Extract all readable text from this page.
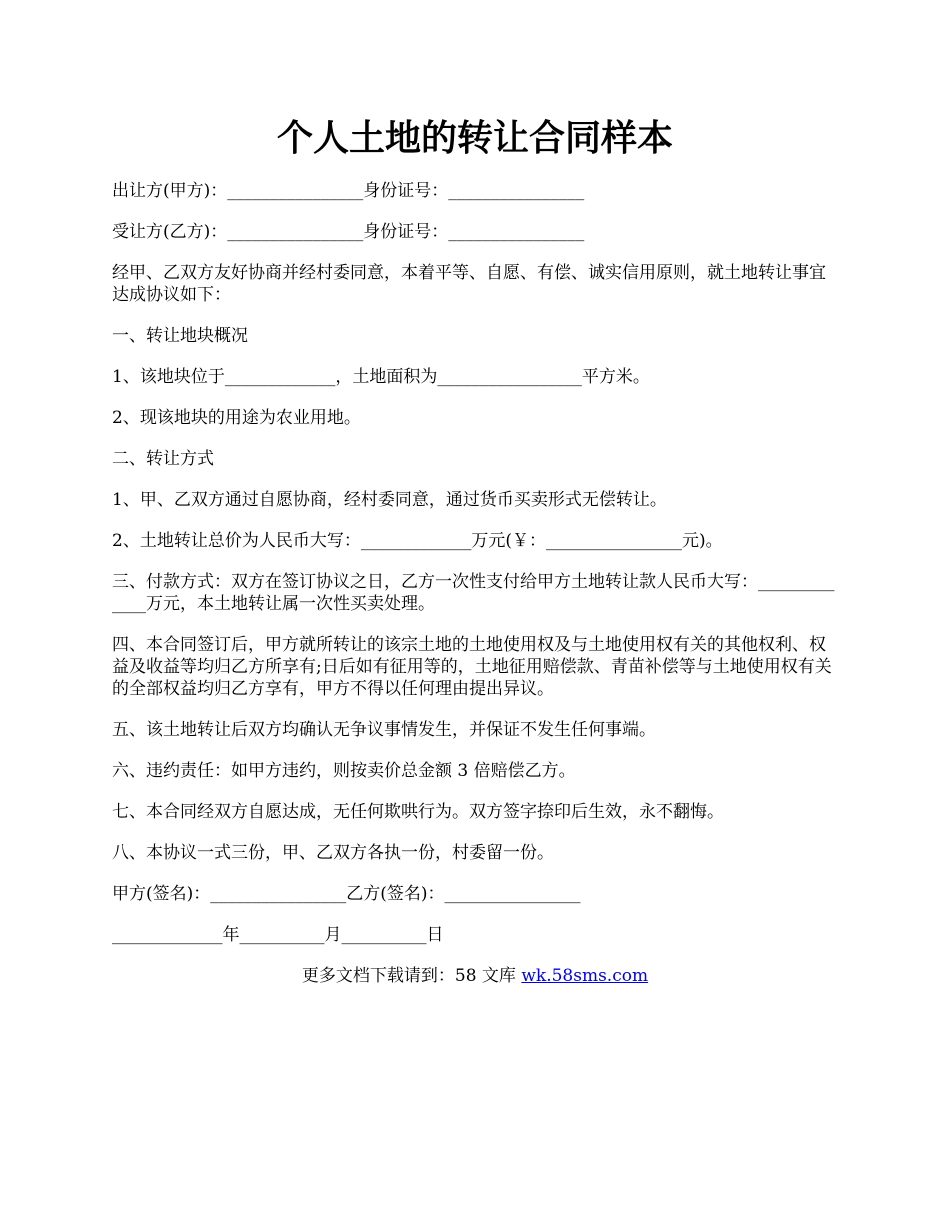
个人土地的转让合同样本
出让方(甲方)：________________身份证号：________________
受让方(乙方)：________________身份证号：________________
经甲、乙双方友好协商并经村委同意，本着平等、自愿、有偿、诚实信用原则，就土地转让事宜达成协议如下：
一、转让地块概况
1、该地块位于_____________，土地面积为_________________平方米。
2、现该地块的用途为农业用地。
二、转让方式
1、甲、乙双方通过自愿协商，经村委同意，通过货币买卖形式无偿转让。
2、土地转让总价为人民币大写：_____________万元(￥：________________元)。
三、付款方式：双方在签订协议之日，乙方一次性支付给甲方土地转让款人民币大写：_____________万元，本土地转让属一次性买卖处理。
四、本合同签订后，甲方就所转让的该宗土地的土地使用权及与土地使用权有关的其他权利、权益及收益等均归乙方所享有;日后如有征用等的，土地征用赔偿款、青苗补偿等与土地使用权有关的全部权益均归乙方享有，甲方不得以任何理由提出异议。
五、该土地转让后双方均确认无争议事情发生，并保证不发生任何事端。
六、违约责任：如甲方违约，则按卖价总金额 3 倍赔偿乙方。
七、本合同经双方自愿达成，无任何欺哄行为。双方签字捺印后生效，永不翻悔。
八、本协议一式三份，甲、乙双方各执一份，村委留一份。
甲方(签名)：________________乙方(签名)：________________
_____________年__________月__________日
更多文档下载请到：58 文库 wk.58sms.com
